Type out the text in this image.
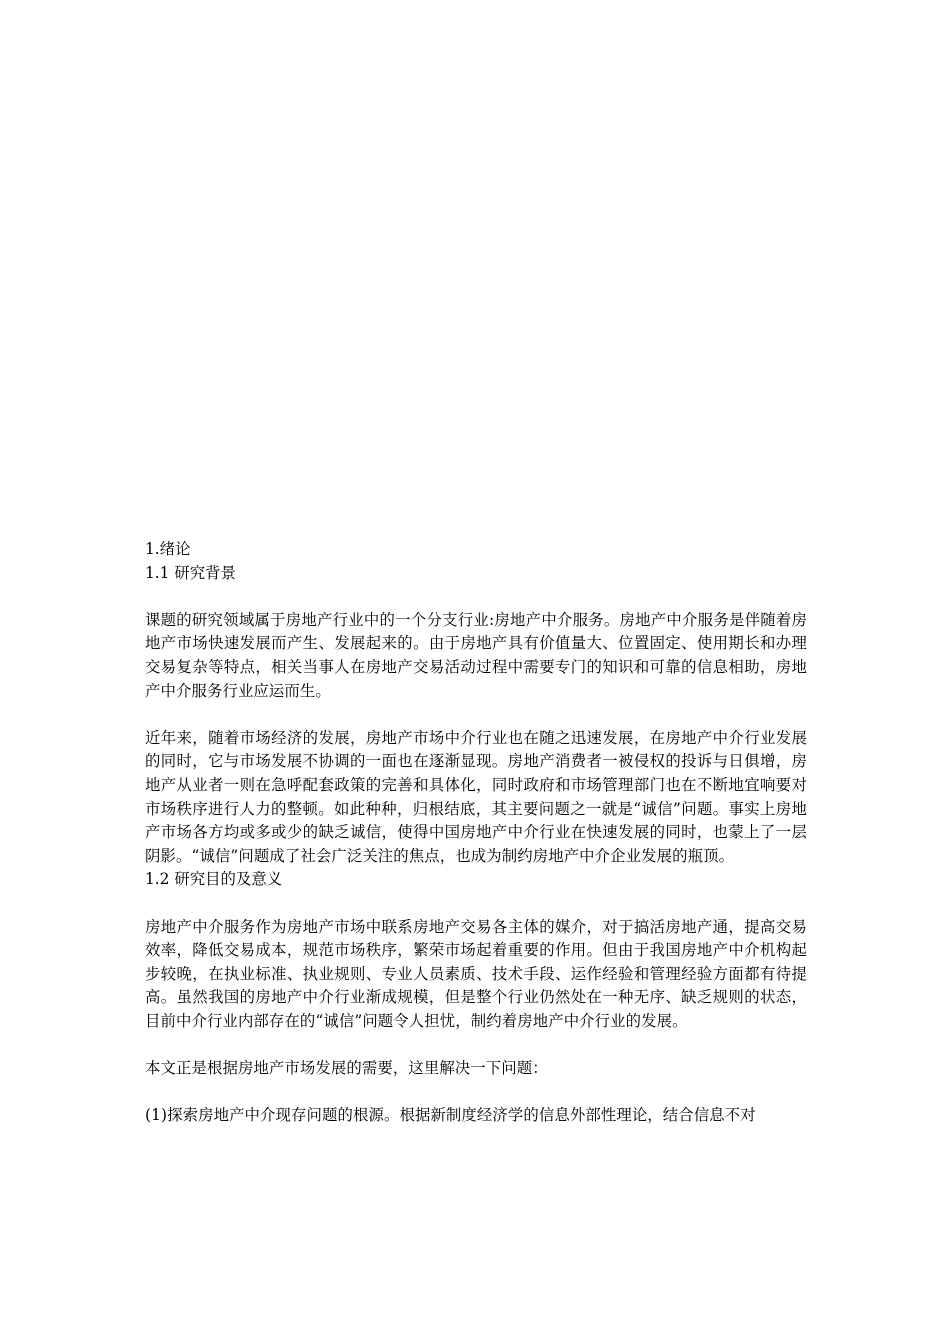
1.绪论
1.1 研究背景

课题的研究领域属于房地产行业中的一个分支行业:房地产中介服务。房地产中介服务是伴随着房地产市场快速发展而产生、发展起来的。由于房地产具有价值量大、位置固定、使用期长和办理交易复杂等特点，相关当事人在房地产交易活动过程中需要专门的知识和可靠的信息相助，房地产中介服务行业应运而生。

近年来，随着市场经济的发展，房地产市场中介行业也在随之迅速发展，在房地产中介行业发展的同时，它与市场发展不协调的一面也在逐渐显现。房地产消费者一被侵权的投诉与日俱增，房地产从业者一则在急呼配套政策的完善和具体化，同时政府和市场管理部门也在不断地宜响要对市场秩序进行人力的整顿。如此种种，归根结底，其主要问题之一就是“诚信”问题。事实上房地产市场各方均或多或少的缺乏诚信，使得中国房地产中介行业在快速发展的同时，也蒙上了一层阴影。“诚信”问题成了社会广泛关注的焦点，也成为制约房地产中介企业发展的瓶顶。

1.2 研究目的及意义

房地产中介服务作为房地产市场中联系房地产交易各主体的媒介，对于搞活房地产通，提高交易效率，降低交易成本，规范市场秩序，繁荣市场起着重要的作用。但由于我国房地产中介机构起步较晚，在执业标准、执业规则、专业人员素质、技术手段、运作经验和管理经验方面都有待提高。虽然我国的房地产中介行业渐成规模，但是整个行业仍然处在一种无序、缺乏规则的状态，目前中介行业内部存在的“诚信”问题令人担忧，制约着房地产中介行业的发展。

本文正是根据房地产市场发展的需要，这里解决一下问题：

(1)探索房地产中介现存问题的根源。根据新制度经济学的信息外部性理论，结合信息不对
